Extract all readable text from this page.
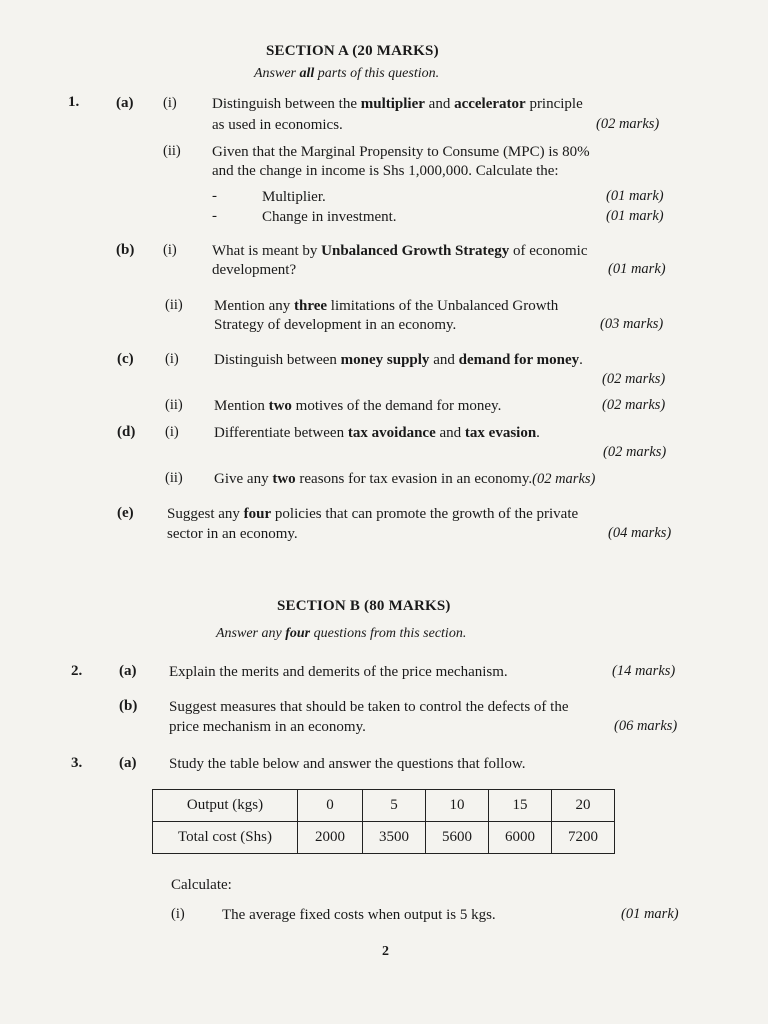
SECTION A (20 MARKS)
Answer all parts of this question.
1. (a) (i) Distinguish between the multiplier and accelerator principle
as used in economics.	(02 marks)
(ii) Given that the Marginal Propensity to Consume (MPC) is 80%
and the change in income is Shs 1,000,000. Calculate the:
-	Multiplier.	(01 mark)
-	Change in investment.	(01 mark)
(b) (i) What is meant by Unbalanced Growth Strategy of economic
development?	(01 mark)
(ii) Mention any three limitations of the Unbalanced Growth
Strategy of development in an economy.	(03 marks)
(c) (i) Distinguish between money supply and demand for money.
(02 marks)
(ii) Mention two motives of the demand for money.	(02 marks)
(d) (i) Differentiate between tax avoidance and tax evasion.
(02 marks)
(ii) Give any two reasons for tax evasion in an economy.(02 marks)
(e) Suggest any four policies that can promote the growth of the private
sector in an economy.	(04 marks)
SECTION B (80 MARKS)
Answer any four questions from this section.
2. (a) Explain the merits and demerits of the price mechanism.	(14 marks)
(b) Suggest measures that should be taken to control the defects of the
price mechanism in an economy.	(06 marks)
3. (a) Study the table below and answer the questions that follow.
Output (kgs)	0	5	10	15	20
Total cost (Shs)	2000	3500	5600	6000	7200
Calculate:
(i) The average fixed costs when output is 5 kgs.	(01 mark)
2
